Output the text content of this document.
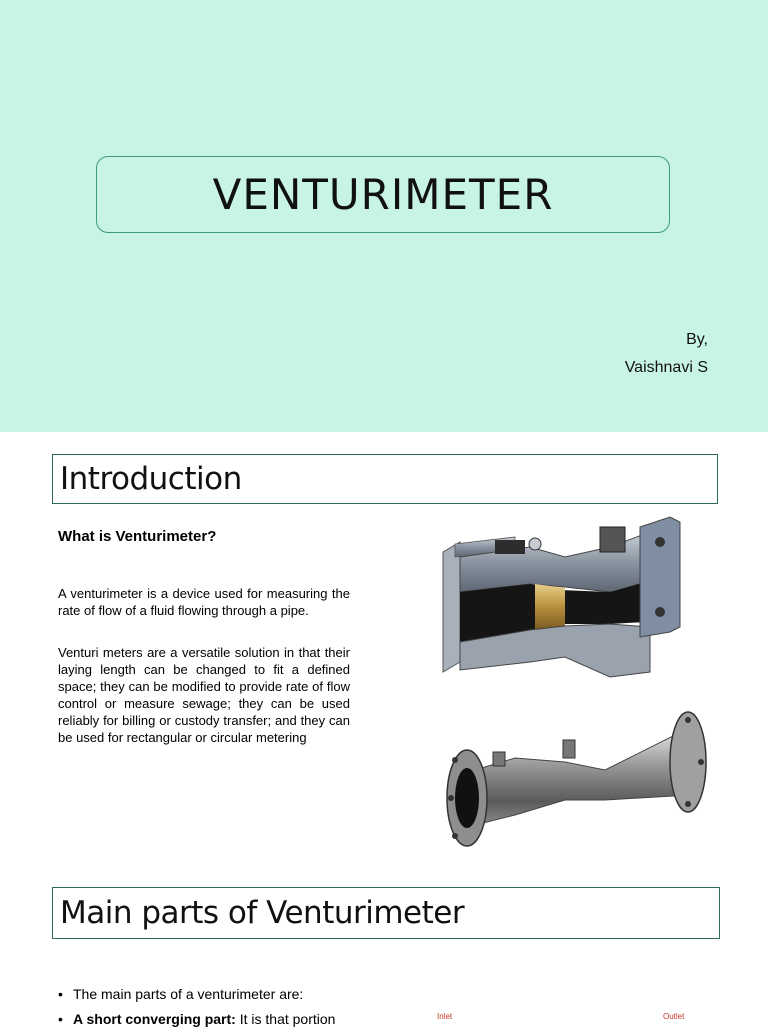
VENTURIMETER
By,
Vaishnavi S
Introduction
What is Venturimeter?
A venturimeter is a device used for measuring the rate of flow of a fluid flowing through a pipe.
Venturi meters are a versatile solution in that their laying length can be changed to fit a defined space; they can be modified to provide rate of flow control or measure sewage; they can be used reliably for billing or custody transfer; and they can be used for rectangular or circular metering
Main parts of Venturimeter
• The main parts of a venturimeter are:
• A short converging part: It is that portion	Inlet	Outlet
